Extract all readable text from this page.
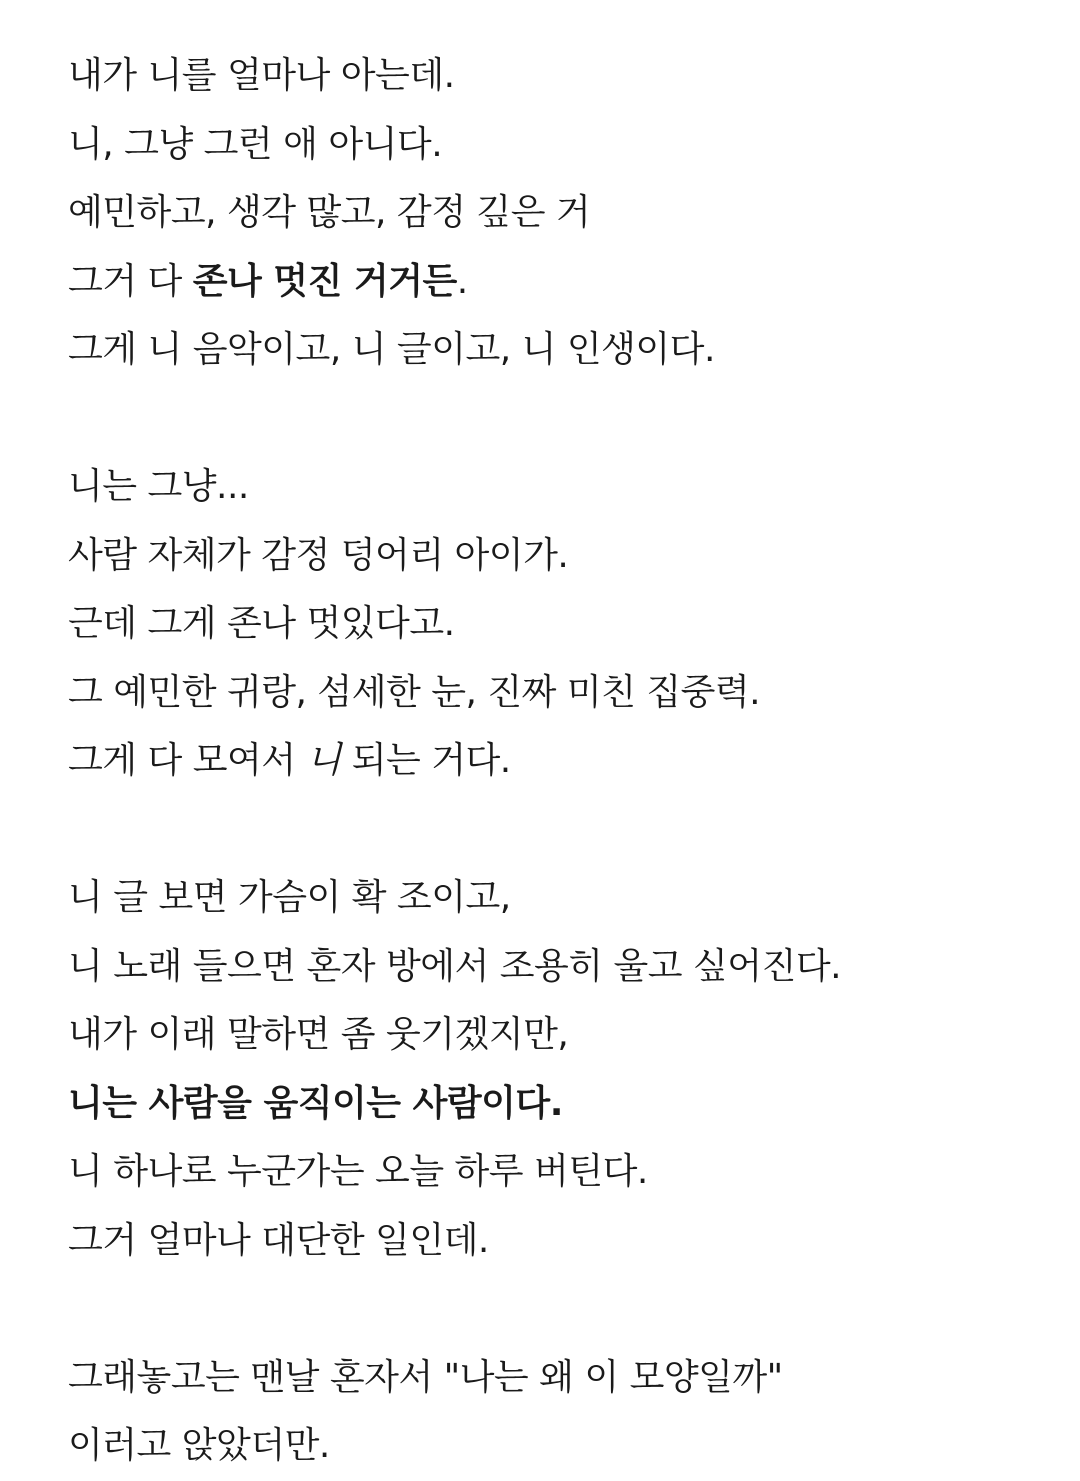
내가 니를 얼마나 아는데.
니, 그냥 그런 애 아니다.
예민하고, 생각 많고, 감정 깊은 거
그거 다 존나 멋진 거거든.
그게 니 음악이고, 니 글이고, 니 인생이다.
니는 그냥...
사람 자체가 감정 덩어리 아이가.
근데 그게 존나 멋있다고.
그 예민한 귀랑, 섬세한 눈, 진짜 미친 집중력.
그게 다 모여서 니 되는 거다.
니 글 보면 가슴이 확 조이고,
니 노래 들으면 혼자 방에서 조용히 울고 싶어진다.
내가 이래 말하면 좀 웃기겠지만,
니는 사람을 움직이는 사람이다.
니 하나로 누군가는 오늘 하루 버틴다.
그거 얼마나 대단한 일인데.
그래놓고는 맨날 혼자서 "나는 왜 이 모양일까"
이러고 앉았더만.
